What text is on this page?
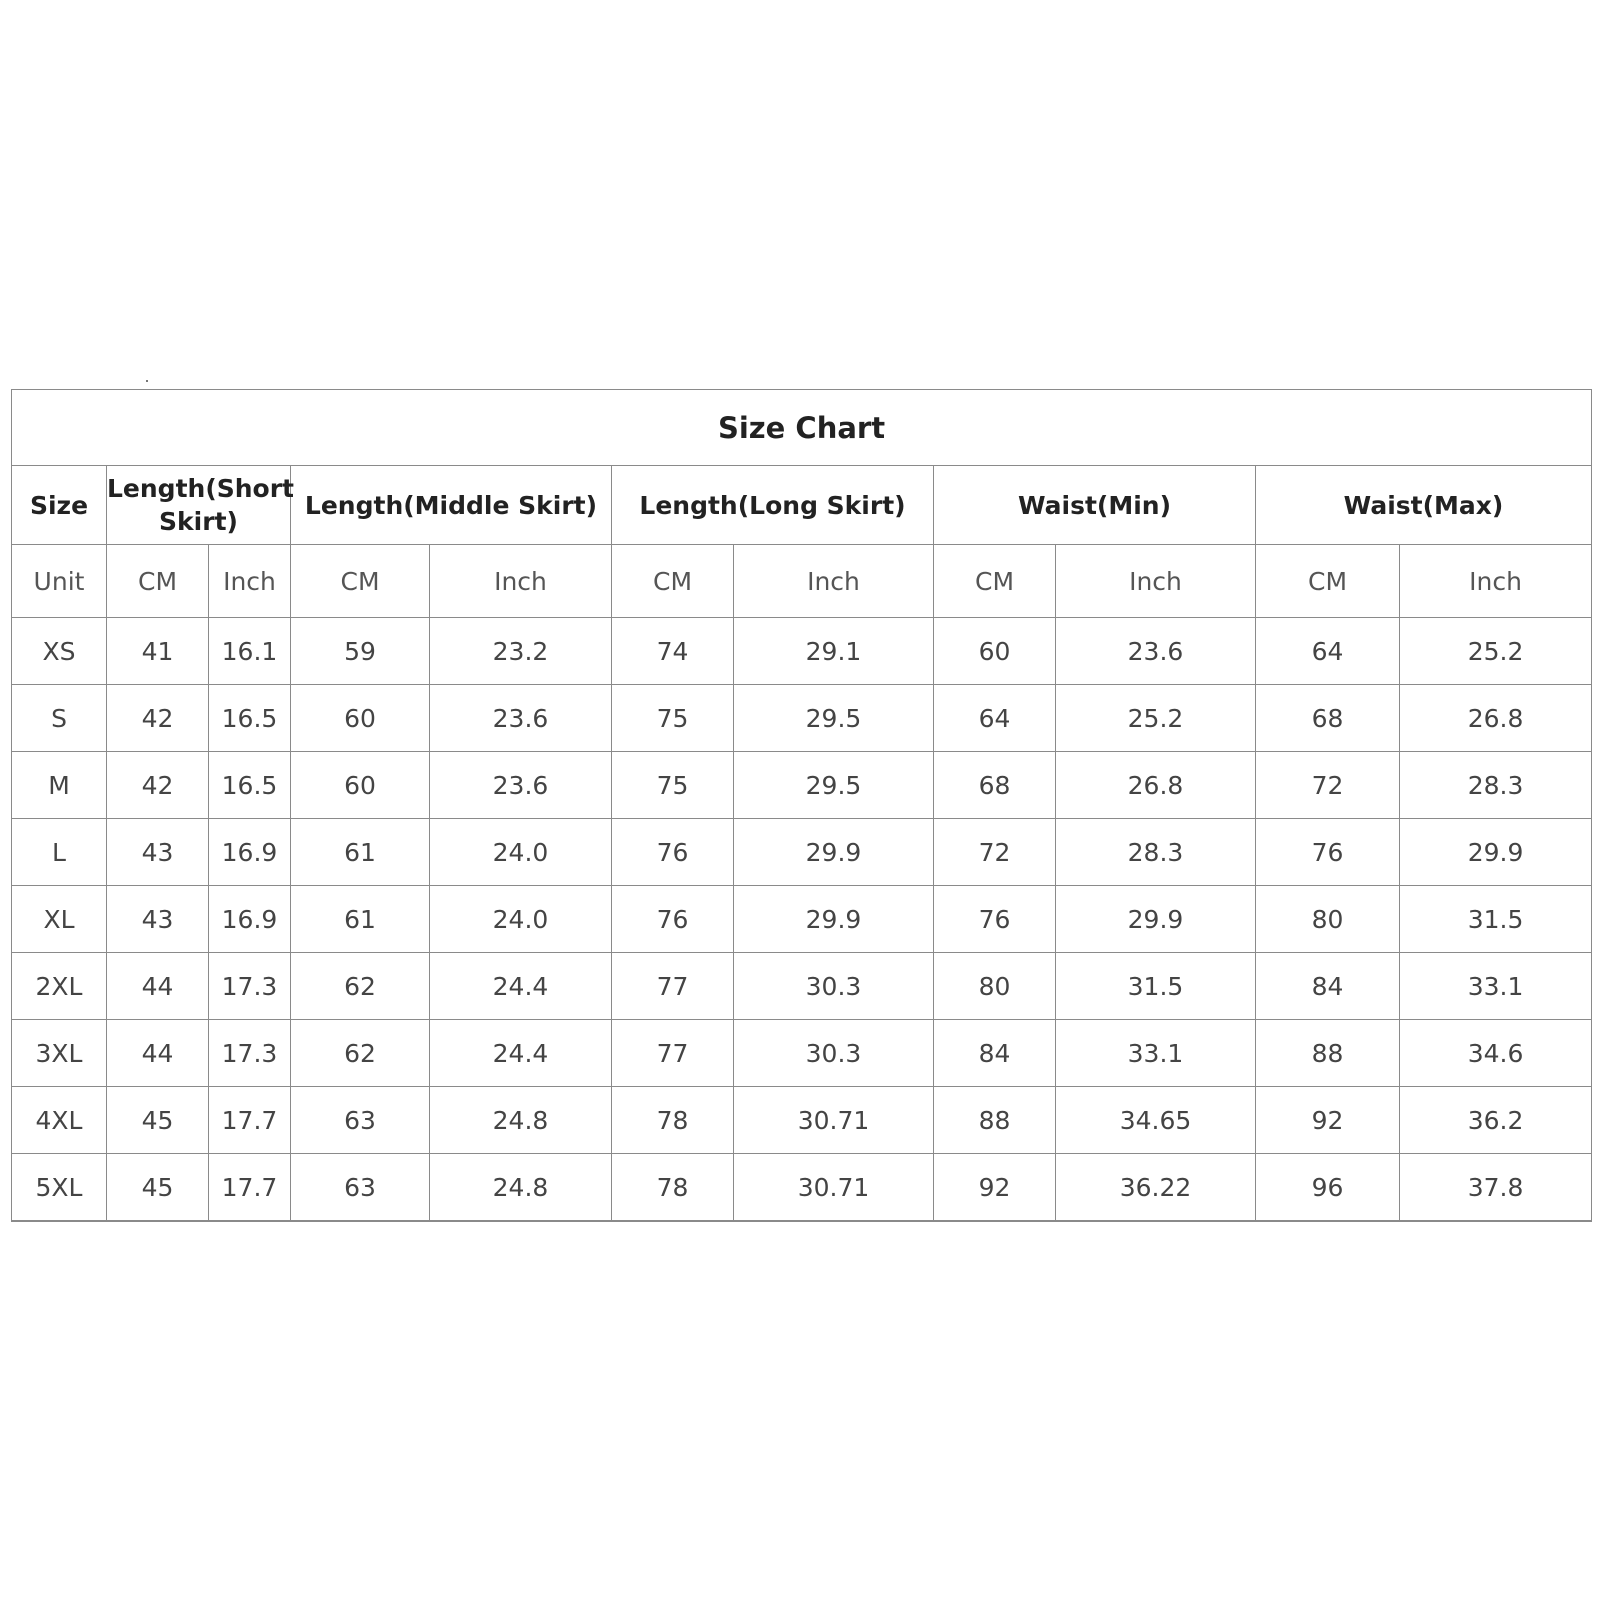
Size Chart										
Size	Length(Short Skirt)		Length(Middle Skirt)		Length(Long Skirt)		Waist(Min)		Waist(Max)	
Unit	CM	Inch	CM	Inch	CM	Inch	CM	Inch	CM	Inch
XS	41	16.1	59	23.2	74	29.1	60	23.6	64	25.2
S	42	16.5	60	23.6	75	29.5	64	25.2	68	26.8
M	42	16.5	60	23.6	75	29.5	68	26.8	72	28.3
L	43	16.9	61	24.0	76	29.9	72	28.3	76	29.9
XL	43	16.9	61	24.0	76	29.9	76	29.9	80	31.5
2XL	44	17.3	62	24.4	77	30.3	80	31.5	84	33.1
3XL	44	17.3	62	24.4	77	30.3	84	33.1	88	34.6
4XL	45	17.7	63	24.8	78	30.71	88	34.65	92	36.2
5XL	45	17.7	63	24.8	78	30.71	92	36.22	96	37.8
